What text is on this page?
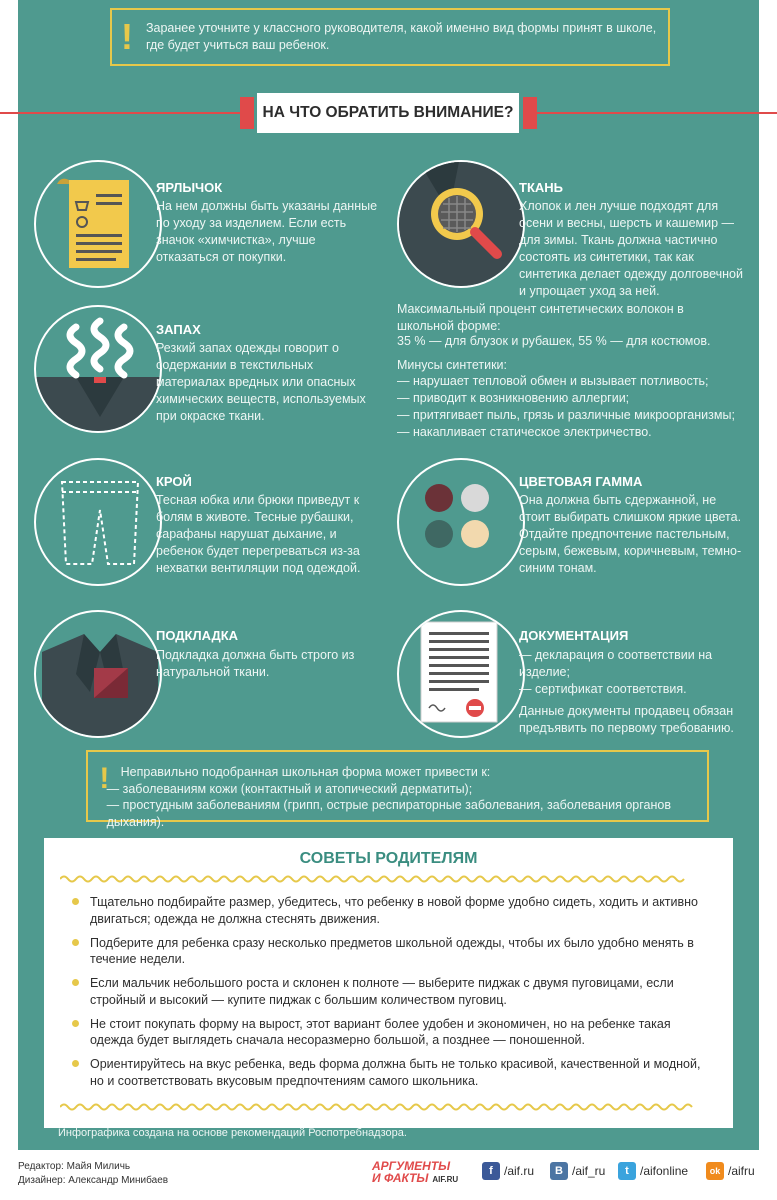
!	Заранее уточните у классного руководителя, какой именно вид формы принят в школе, где будет учиться ваш ребенок.
НА ЧТО ОБРАТИТЬ ВНИМАНИЕ?
ЯРЛЫЧОК
На нем должны быть указаны данные по уходу за изделием. Если есть значок «химчистка», лучше отказаться от покупки.
ЗАПАХ
Резкий запах одежды говорит о содержании в текстильных материалах вредных или опасных химических веществ, используемых при окраске ткани.
КРОЙ
Тесная юбка или брюки приведут к болям в животе. Тесные рубашки, сарафаны нарушат дыхание, и ребенок будет перегреваться из-за нехватки вентиляции под одеждой.
ПОДКЛАДКА
Подкладка должна быть строго из натуральной ткани.
ТКАНЬ
Хлопок и лен лучше подходят для осени и весны, шерсть и кашемир — для зимы. Ткань должна частично состоять из синтетики, так как синтетика делает одежду долговечной и упрощает уход за ней.
Максимальный процент синтетических волокон в школьной форме:
35 % — для блузок и рубашек, 55 % — для костюмов.
Минусы синтетики:
— нарушает тепловой обмен и вызывает потливость;
— приводит к возникновению аллергии;
— притягивает пыль, грязь и различные микроорганизмы;
— накапливает статическое электричество.
ЦВЕТОВАЯ ГАММА
Она должна быть сдержанной, не стоит выбирать слишком яркие цвета. Отдайте предпочтение пастельным, серым, бежевым, коричневым, темно-синим тонам.
ДОКУМЕНТАЦИЯ
— декларация о соответствии на изделие;
— сертификат соответствия.
Данные документы продавец обязан предъявить по первому требованию.
! Неправильно подобранная школьная форма может привести к:
— заболеваниям кожи (контактный и атопический дерматиты);
— простудным заболеваниям (грипп, острые респираторные заболевания, заболевания органов дыхания).
СОВЕТЫ РОДИТЕЛЯМ
Тщательно подбирайте размер, убедитесь, что ребенку в новой форме удобно сидеть, ходить и активно двигаться; одежда не должна стеснять движения.
Подберите для ребенка сразу несколько предметов школьной одежды, чтобы их было удобно менять в течение недели.
Если мальчик небольшого роста и склонен к полноте — выберите пиджак с двумя пуговицами, если стройный и высокий — купите пиджак с большим количеством пуговиц.
Не стоит покупать форму на вырост, этот вариант более удобен и экономичен, но на ребенке такая одежда будет выглядеть сначала несоразмерно большой, а позднее — поношенной.
Ориентируйтесь на вкус ребенка, ведь форма должна быть не только красивой, качественной и модной, но и соответствовать вкусовым предпочтениям самого школьника.
Инфографика создана на основе рекомендаций Роспотребнадзора.
Редактор: Майя Миличь
Дизайнер: Александр Минибаев
АРГУМЕНТЫ
И ФАКТЫ AIF.RU
f /aif.ru	B /aif_ru	t /aifonline	ok /aifru
